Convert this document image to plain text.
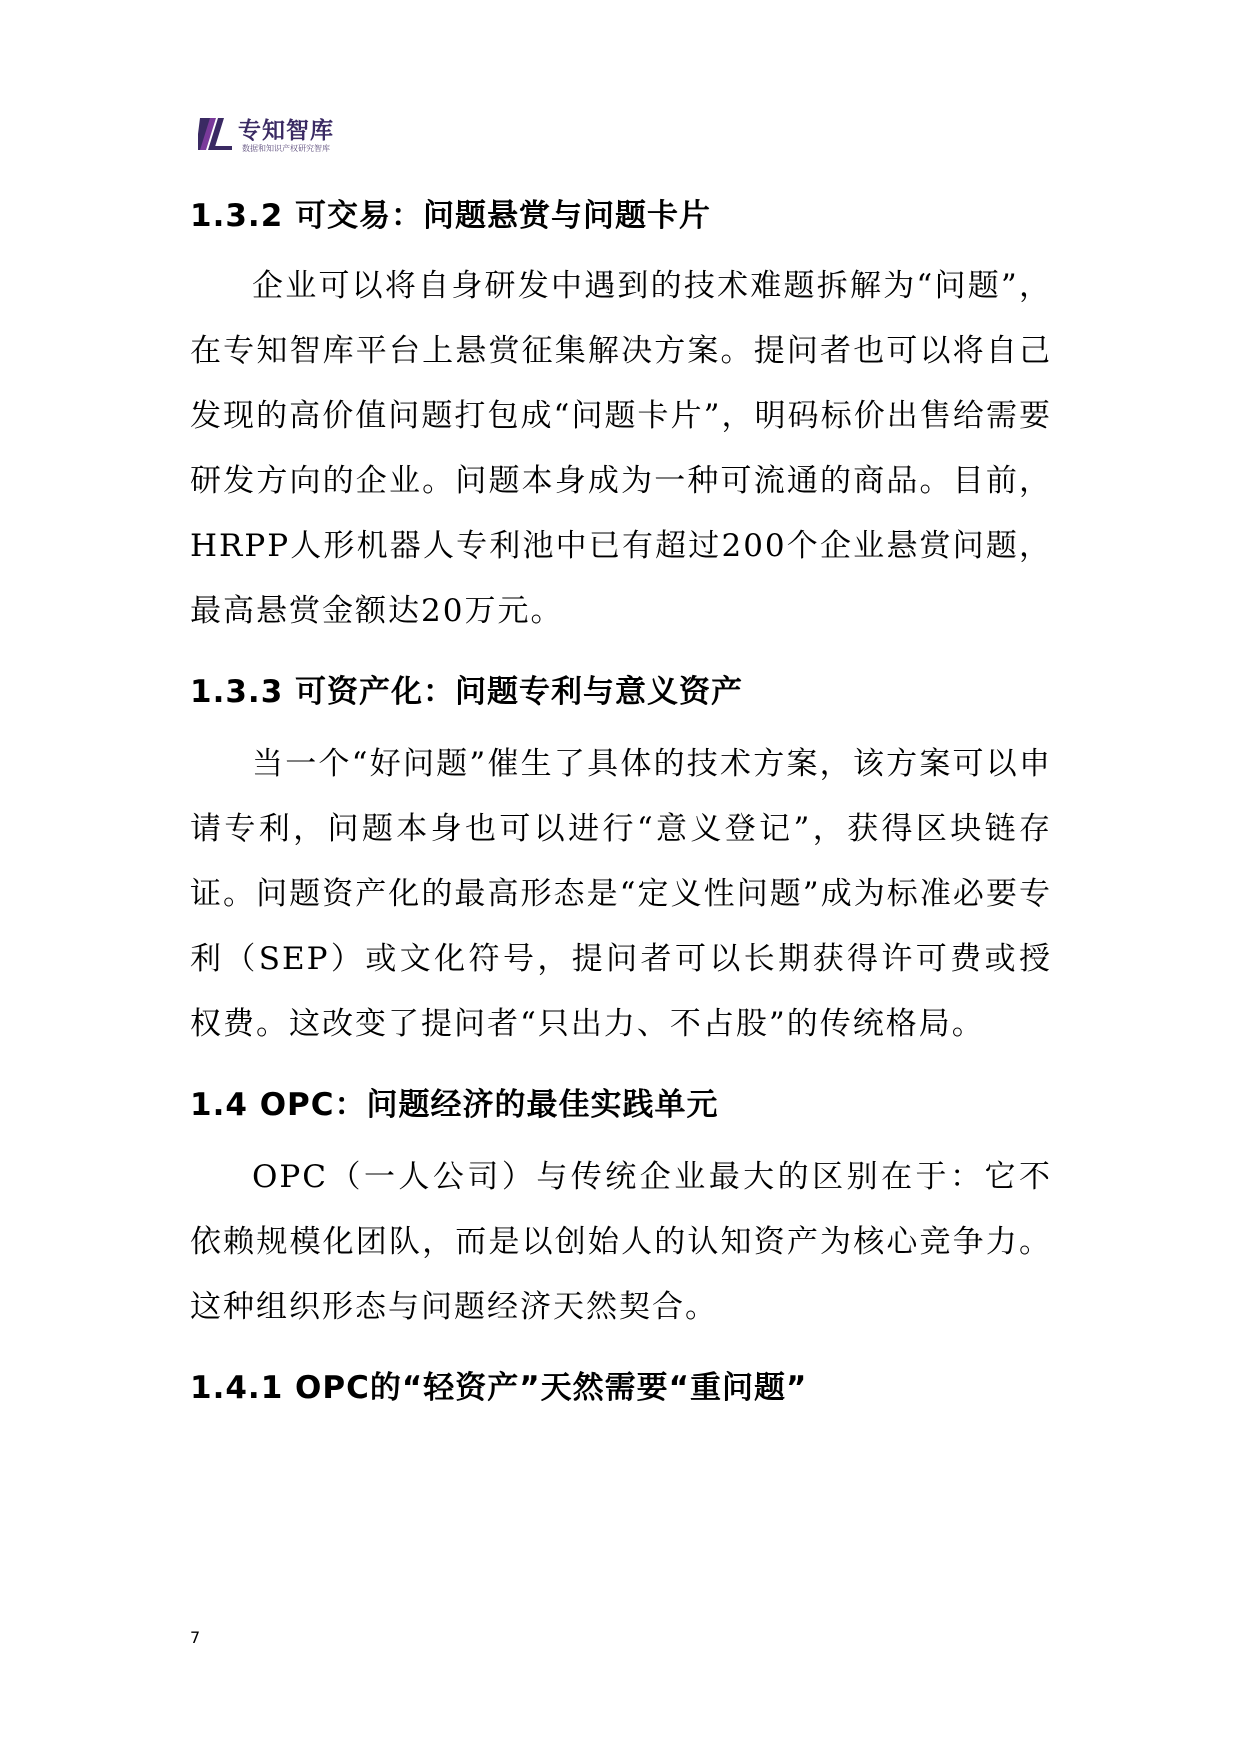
专知智库
数据和知识产权研究智库
1.3.2 可交易：问题悬赏与问题卡片

企业可以将自身研发中遇到的技术难题拆解为“问题”，在专知智库平台上悬赏征集解决方案。提问者也可以将自己发现的高价值问题打包成“问题卡片”，明码标价出售给需要研发方向的企业。问题本身成为一种可流通的商品。目前，HRPP人形机器人专利池中已有超过200个企业悬赏问题，最高悬赏金额达20万元。

1.3.3 可资产化：问题专利与意义资产

当一个“好问题”催生了具体的技术方案，该方案可以申请专利，问题本身也可以进行“意义登记”，获得区块链存证。问题资产化的最高形态是“定义性问题”成为标准必要专利（SEP）或文化符号，提问者可以长期获得许可费或授权费。这改变了提问者“只出力、不占股”的传统格局。

1.4 OPC：问题经济的最佳实践单元

OPC（一人公司）与传统企业最大的区别在于：它不依赖规模化团队，而是以创始人的认知资产为核心竞争力。这种组织形态与问题经济天然契合。

1.4.1 OPC的“轻资产”天然需要“重问题”
7
